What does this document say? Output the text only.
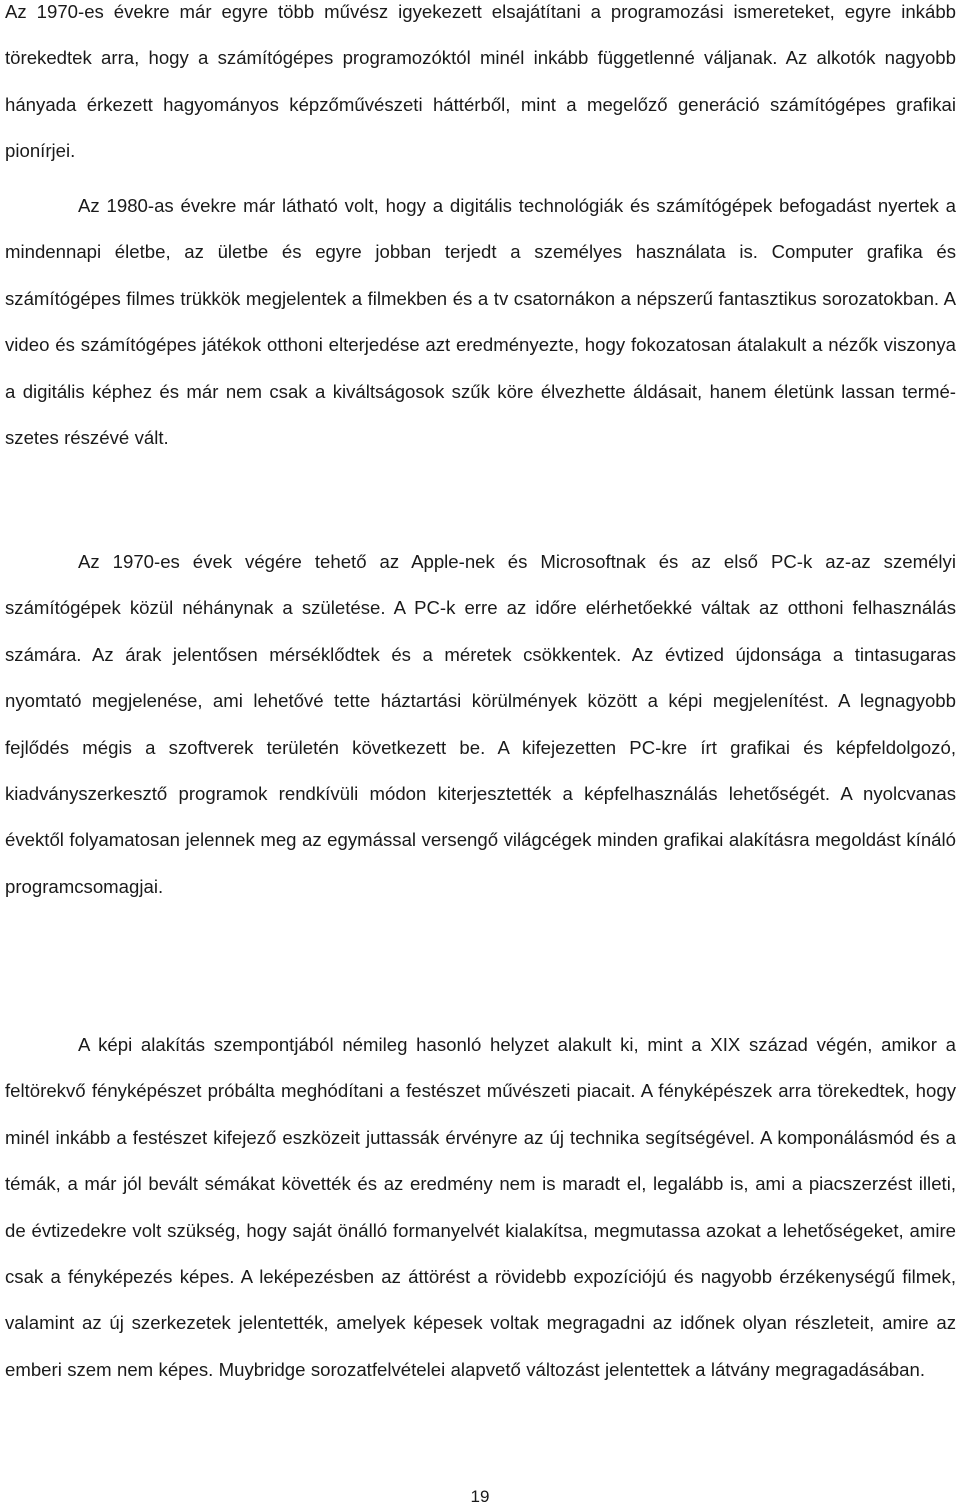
Az 1970-es évekre már egyre több művész igyekezett elsajátítani a programozási ismereteket, egyre inkább törekedtek arra, hogy a számítógépes programozóktól minél inkább függetlenné váljanak. Az alkotók nagyobb hányada érkezett hagyományos képzőművészeti háttérből, mint a megelőző generáció számítógépes grafikai pionírjei.

Az 1980-as évekre már látható volt, hogy a digitális technológiák és számítógépek befogadást nyertek a mindennapi életbe, az ületbe és egyre jobban terjedt a személyes használata is. Computer grafika és számítógépes filmes trükkök megjelentek a filmekben és a tv csatornákon a népszerű fantasztikus sorozatokban. A video és számítógépes játékok otthoni elterjedése azt eredményezte, hogy fokozatosan átalakult a nézők viszonya a digitális képhez és már nem csak a kiváltságosok szűk köre élvezhette áldásait, hanem életünk lassan természetes részévé vált.

Az 1970-es évek végére tehető az Apple-nek és Microsoftnak és az első PC-k az-az személyi számítógépek közül néhánynak a születése. A PC-k erre az időre elérhetőekké váltak az otthoni felhasználás számára. Az árak jelentősen mérséklődtek és a méretek csökkentek. Az évtized újdonsága a tintasugaras nyomtató megjelenése, ami lehetővé tette háztartási körülmények között a képi megjelenítést. A legnagyobb fejlődés mégis a szoftverek területén következett be. A kifejezetten PC-kre írt grafikai és képfeldolgozó, kiadványszerkesztő programok rendkívüli módon kiterjesztették a képfelhasználás lehetőségét. A nyolcvanas évektől folyamatosan jelennek meg az egymással versengő világcégek minden grafikai alakításra megoldást kínáló programcsomagjai.

A képi alakítás szempontjából némileg hasonló helyzet alakult ki, mint a XIX század végén, amikor a feltörekvő fényképészet próbálta meghódítani a festészet művészeti piacait. A fényképészek arra törekedtek, hogy minél inkább a festészet kifejező eszközeit juttassák érvényre az új technika segítségével. A komponálásmód és a témák, a már jól bevált sémákat követték és az eredmény nem is maradt el, legalább is, ami a piacszerzést illeti, de évtizedekre volt szükség, hogy saját önálló formanyelvét kialakítsa, megmutassa azokat a lehetőségeket, amire csak a fényképezés képes. A leképezésben az áttörést a rövidebb expozíciójú és nagyobb érzékenységű filmek, valamint az új szerkezetek jelentették, amelyek képesek voltak megragadni az időnek olyan részleteit, amire az emberi szem nem képes. Muybridge sorozatfelvételei alapvető változást jelentettek a látvány megragadásában.

19
